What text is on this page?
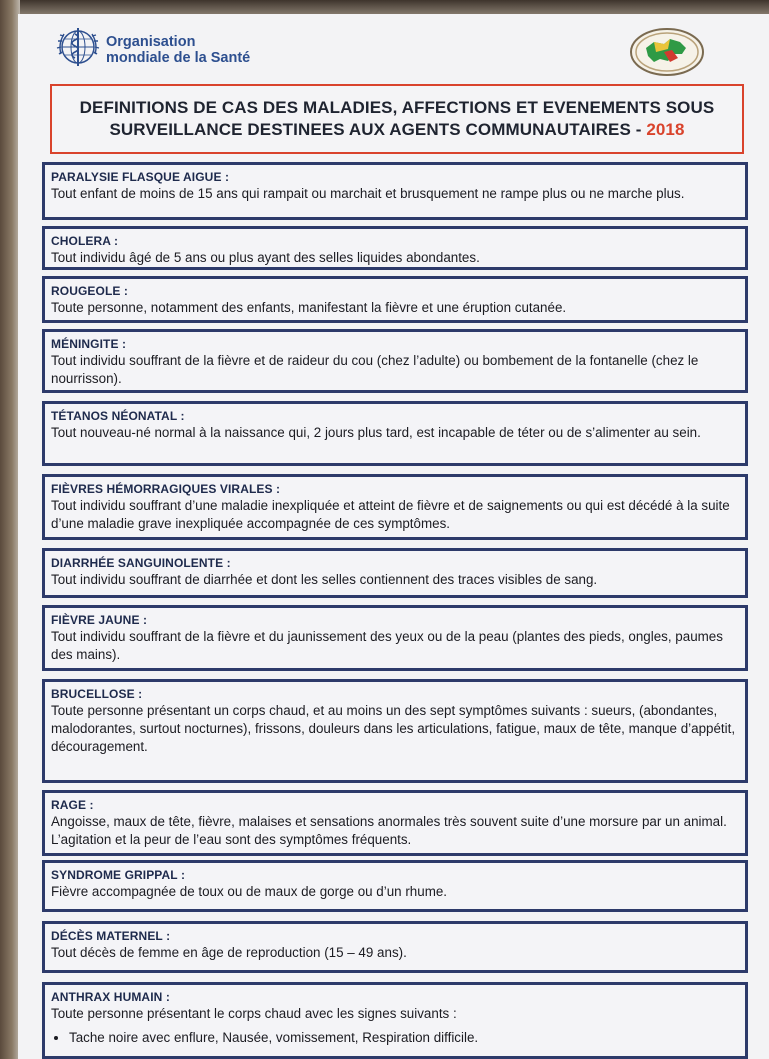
Organisation
mondiale de la Santé
DEFINITIONS DE CAS DES MALADIES, AFFECTIONS ET EVENEMENTS SOUS
SURVEILLANCE DESTINEES AUX AGENTS COMMUNAUTAIRES - 2018
PARALYSIE FLASQUE AIGUE :
Tout enfant de moins de 15 ans qui rampait ou marchait et brusquement ne rampe plus ou ne marche plus.
CHOLERA :
Tout individu âgé de 5 ans ou plus ayant des selles liquides abondantes.
ROUGEOLE :
Toute personne, notamment des enfants, manifestant la fièvre et une éruption cutanée.
MÉNINGITE :
Tout individu souffrant de la fièvre et de raideur du cou (chez l’adulte) ou bombement de la fontanelle (chez le nourrisson).
TÉTANOS NÉONATAL :
Tout nouveau-né normal à la naissance qui, 2 jours plus tard, est incapable de téter ou de s’alimenter au sein.
FIÈVRES HÉMORRAGIQUES VIRALES :
Tout individu souffrant d’une maladie inexpliquée et atteint de fièvre et de saignements ou qui est décédé à la suite d’une maladie grave inexpliquée accompagnée de ces symptômes.
DIARRHÉE SANGUINOLENTE :
Tout individu souffrant de diarrhée et dont les selles contiennent des traces visibles de sang.
FIÈVRE JAUNE :
Tout individu souffrant de la fièvre et du jaunissement des yeux ou de la peau (plantes des pieds, ongles, paumes des mains).
BRUCELLOSE :
Toute personne présentant un corps chaud, et au moins un des sept symptômes suivants : sueurs, (abondantes, malodorantes, surtout nocturnes), frissons, douleurs dans les articulations, fatigue, maux de tête, manque d’appétit, découragement.
RAGE :
Angoisse, maux de tête, fièvre, malaises et sensations anormales très souvent suite d’une morsure par un animal. L’agitation et la peur de l’eau sont des symptômes fréquents.
SYNDROME GRIPPAL :
Fièvre accompagnée de toux ou de maux de gorge ou d’un rhume.
DÉCÈS MATERNEL :
Tout décès de femme en âge de reproduction (15 – 49 ans).
ANTHRAX HUMAIN :
Toute personne présentant le corps chaud avec les signes suivants :
• Tache noire avec enflure, Nausée, vomissement, Respiration difficile.
